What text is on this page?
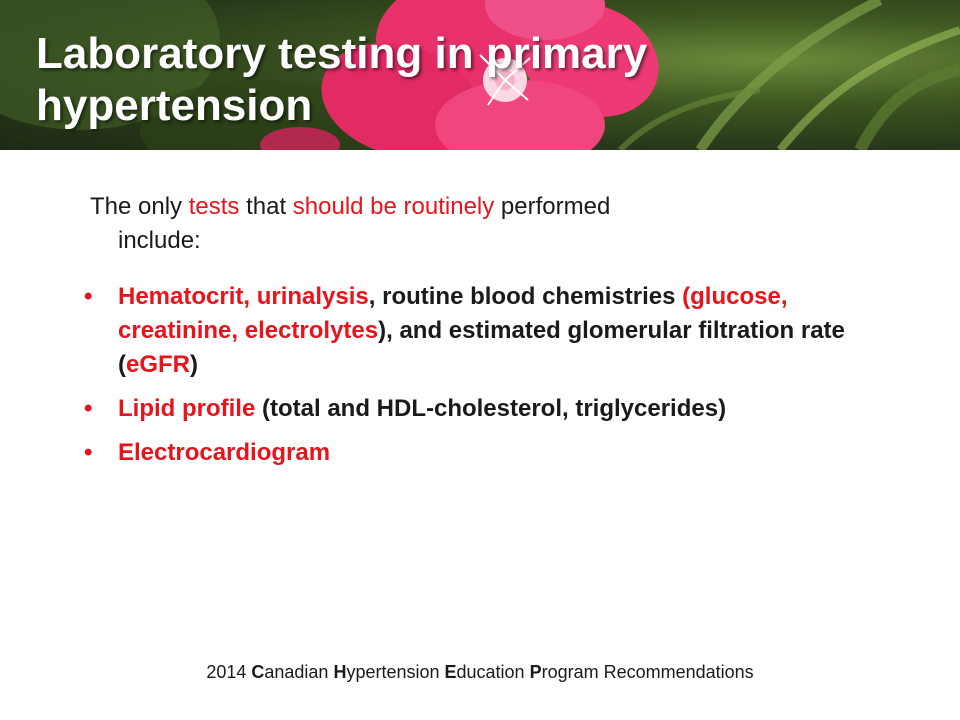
Laboratory testing in primary hypertension
The only tests that should be routinely performed
include:
• Hematocrit, urinalysis, routine blood chemistries (glucose, creatinine, electrolytes), and estimated glomerular filtration rate (eGFR)
• Lipid profile (total and HDL-cholesterol, triglycerides)
• Electrocardiogram
2014 Canadian Hypertension Education Program Recommendations
